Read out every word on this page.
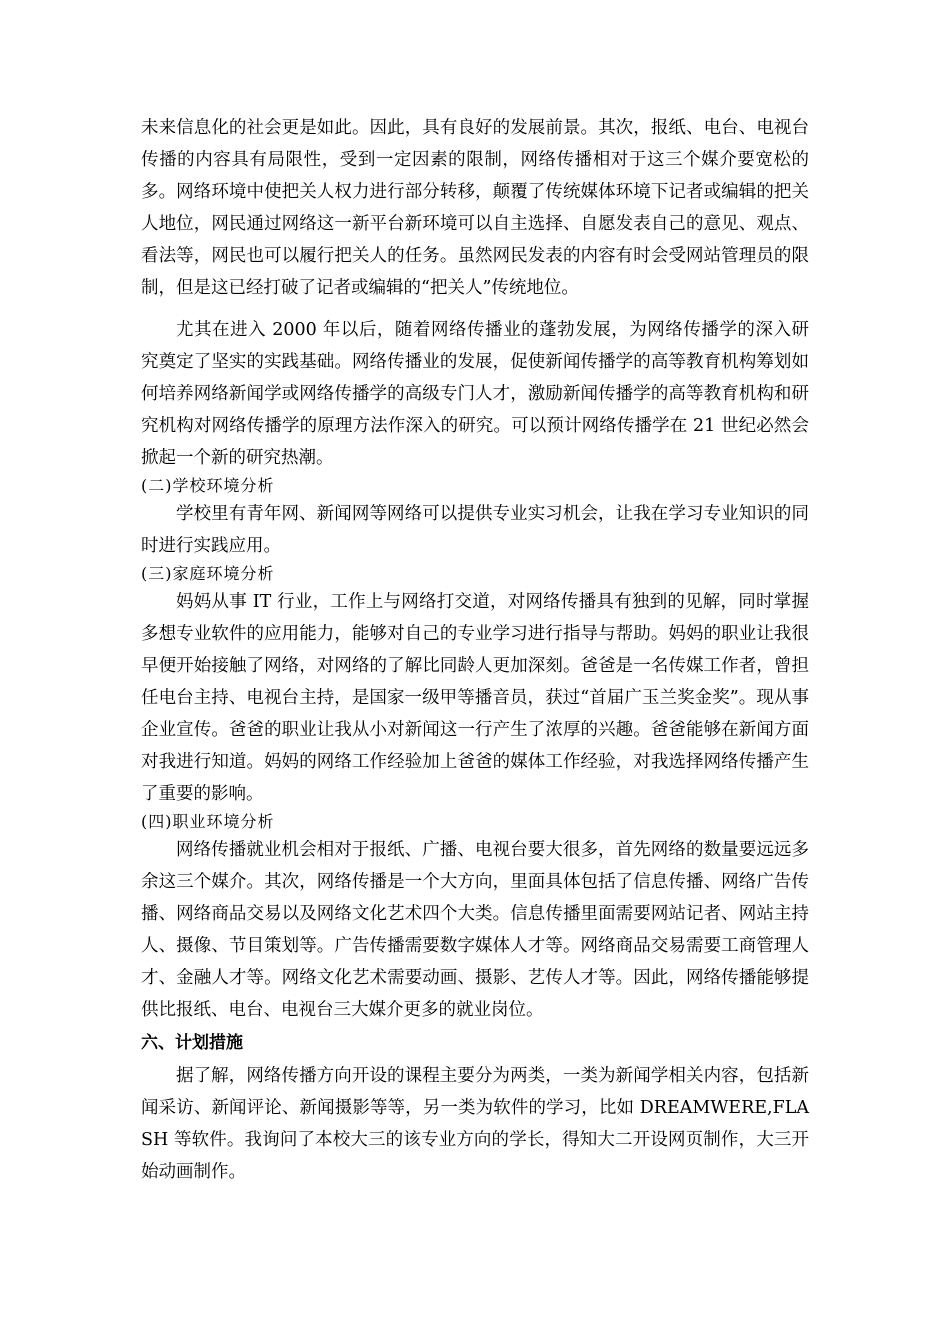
未来信息化的社会更是如此。因此，具有良好的发展前景。其次，报纸、电台、电视台传播的内容具有局限性，受到一定因素的限制，网络传播相对于这三个媒介要宽松的多。网络环境中使把关人权力进行部分转移，颠覆了传统媒体环境下记者或编辑的把关人地位，网民通过网络这一新平台新环境可以自主选择、自愿发表自己的意见、观点、看法等，网民也可以履行把关人的任务。虽然网民发表的内容有时会受网站管理员的限制，但是这已经打破了记者或编辑的“把关人”传统地位。

尤其在进入 2000 年以后，随着网络传播业的蓬勃发展，为网络传播学的深入研究奠定了坚实的实践基础。网络传播业的发展，促使新闻传播学的高等教育机构筹划如何培养网络新闻学或网络传播学的高级专门人才，激励新闻传播学的高等教育机构和研究机构对网络传播学的原理方法作深入的研究。可以预计网络传播学在 21 世纪必然会掀起一个新的研究热潮。

(二)学校环境分析

学校里有青年网、新闻网等网络可以提供专业实习机会，让我在学习专业知识的同时进行实践应用。

(三)家庭环境分析

妈妈从事 IT 行业，工作上与网络打交道，对网络传播具有独到的见解，同时掌握多想专业软件的应用能力，能够对自己的专业学习进行指导与帮助。妈妈的职业让我很早便开始接触了网络，对网络的了解比同龄人更加深刻。爸爸是一名传媒工作者，曾担任电台主持、电视台主持，是国家一级甲等播音员，获过“首届广玉兰奖金奖”。现从事企业宣传。爸爸的职业让我从小对新闻这一行产生了浓厚的兴趣。爸爸能够在新闻方面对我进行知道。妈妈的网络工作经验加上爸爸的媒体工作经验，对我选择网络传播产生了重要的影响。

(四)职业环境分析

网络传播就业机会相对于报纸、广播、电视台要大很多，首先网络的数量要远远多余这三个媒介。其次，网络传播是一个大方向，里面具体包括了信息传播、网络广告传播、网络商品交易以及网络文化艺术四个大类。信息传播里面需要网站记者、网站主持人、摄像、节目策划等。广告传播需要数字媒体人才等。网络商品交易需要工商管理人才、金融人才等。网络文化艺术需要动画、摄影、艺传人才等。因此，网络传播能够提供比报纸、电台、电视台三大媒介更多的就业岗位。

六、计划措施

据了解，网络传播方向开设的课程主要分为两类，一类为新闻学相关内容，包括新闻采访、新闻评论、新闻摄影等等，另一类为软件的学习，比如 DREAMWERE,FLASH 等软件。我询问了本校大三的该专业方向的学长，得知大二开设网页制作，大三开始动画制作。
